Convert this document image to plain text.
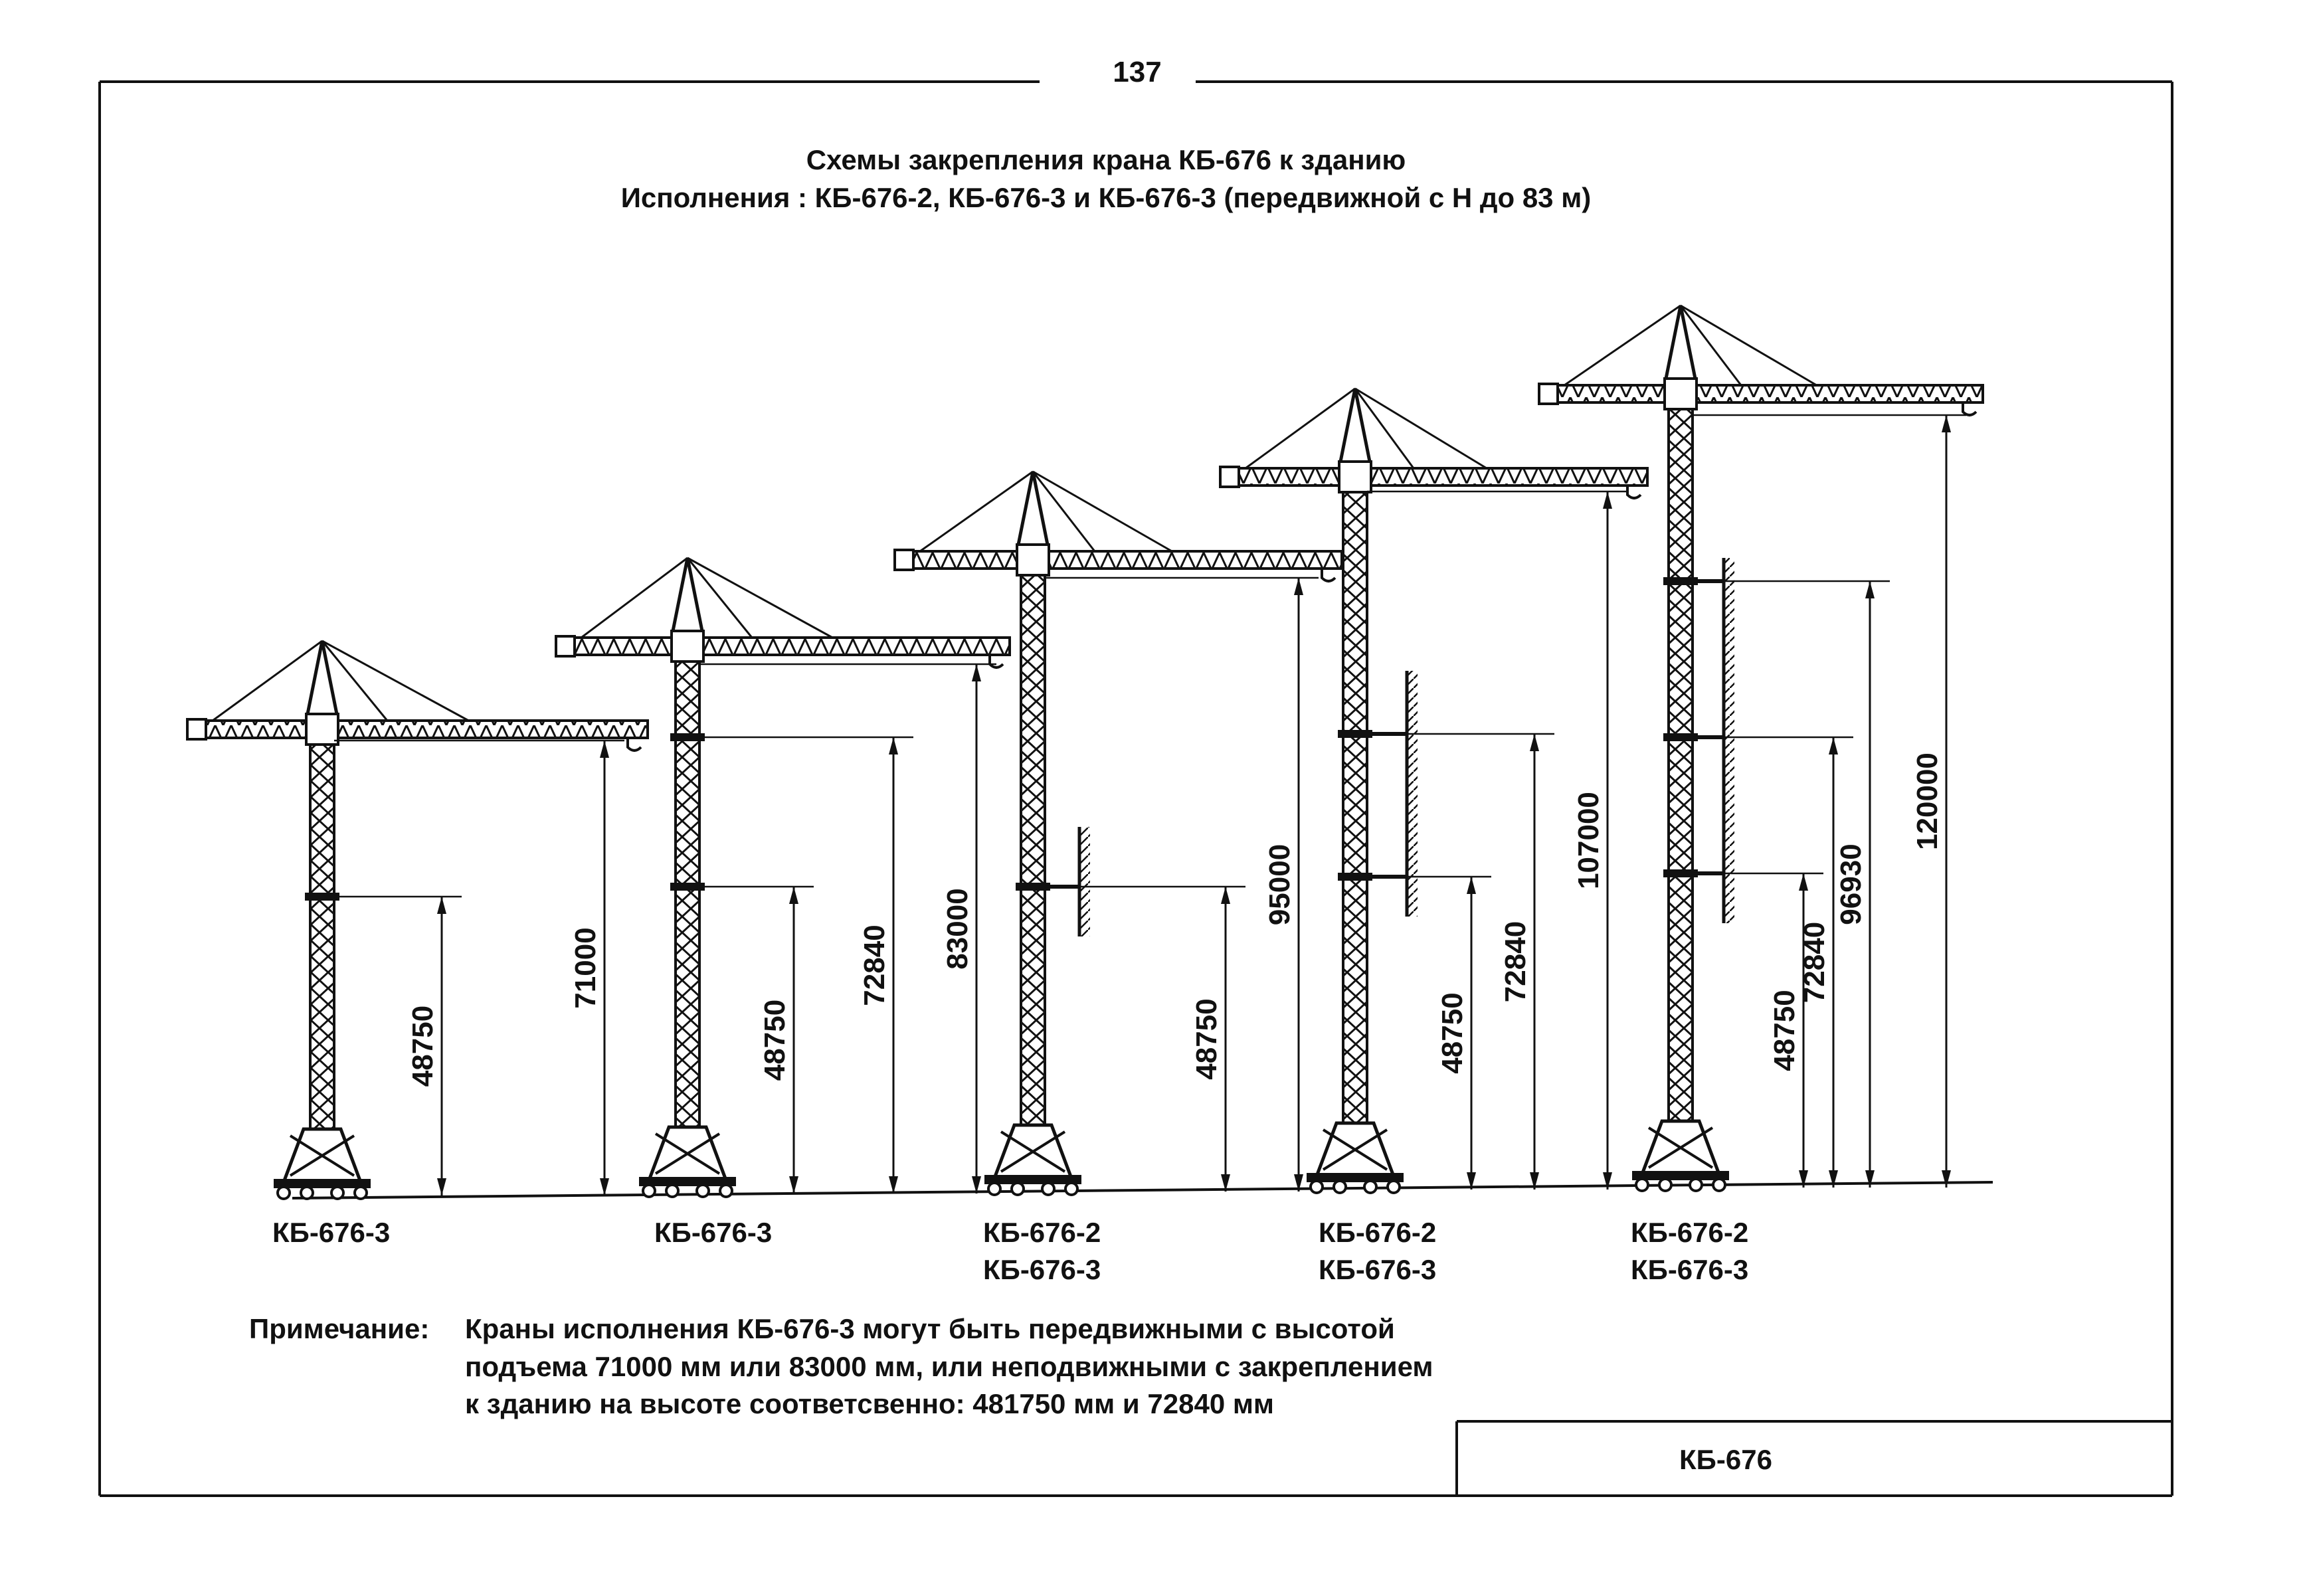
48750
71000
КБ-676-3
48750
72840 83000
КБ-676-3
48750
95000
КБ-676-2
КБ-676-3
48750
72840
107000
КБ-676-2
КБ-676-3
48750
72840
96930
120000
КБ-676-2
КБ-676-3
137
Схемы закрепления крана КБ-676 к зданию
Исполнения : КБ-676-2, КБ-676-3 и КБ-676-3 (передвижной с Н до 83 м)
Примечание: Краны исполнения КБ-676-3 могут быть передвижными с высотой
подъема 71000 мм или 83000 мм, или неподвижными с закреплением
к зданию на высоте соответсвенно: 481750 мм и 72840 мм
КБ-676
